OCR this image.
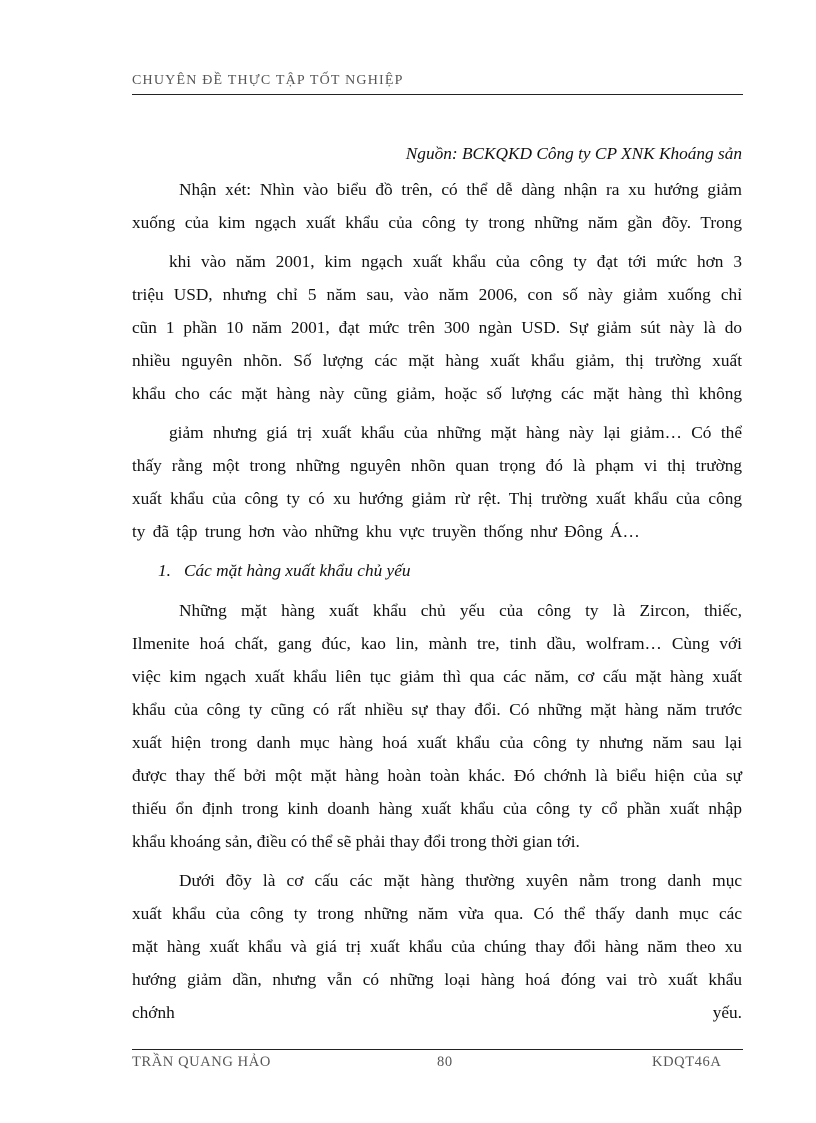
CHUYÊN ĐỀ THỰC TẬP TỐT NGHIỆP
Nguồn: BCKQKD Công ty CP XNK Khoáng sản
Nhận xét: Nhìn vào biểu đồ trên, có thể dễ dàng nhận ra xu hướng giảm
xuống của kim ngạch xuất khẩu của công ty trong những năm gần đõy. Trong
khi vào năm 2001, kim ngạch xuất khẩu của công ty đạt tới mức hơn 3
triệu USD, nhưng chỉ 5 năm sau, vào năm 2006, con số này giảm xuống chỉ
cũn 1 phần 10 năm 2001, đạt mức trên 300 ngàn USD. Sự giảm sút này là do
nhiều nguyên nhõn. Số lượng các mặt hàng xuất khẩu giảm, thị trường xuất
khẩu cho các mặt hàng này cũng giảm, hoặc số lượng các mặt hàng thì không
giảm nhưng giá trị xuất khẩu của những mặt hàng này lại giảm… Có thể
thấy rằng một trong những nguyên nhõn quan trọng đó là phạm vi thị trường
xuất khẩu của công ty có xu hướng giảm rừ rệt. Thị trường xuất khẩu của công
ty đã tập trung hơn vào những khu vực truyền thống như Đông Á…
1. Các mặt hàng xuất khẩu chủ yếu
Những mặt hàng xuất khẩu chủ yếu của công ty là Zircon, thiếc,
Ilmenite hoá chất, gang đúc, kao lin, mành tre, tinh dầu, wolfram… Cùng với
việc kim ngạch xuất khẩu liên tục giảm thì qua các năm, cơ cấu mặt hàng xuất
khẩu của công ty cũng có rất nhiều sự thay đổi. Có những mặt hàng năm trước
xuất hiện trong danh mục hàng hoá xuất khẩu của công ty nhưng năm sau lại
được thay thế bởi một mặt hàng hoàn toàn khác. Đó chớnh là biểu hiện của sự
thiếu ổn định trong kinh doanh hàng xuất khẩu của công ty cổ phần xuất nhập
khẩu khoáng sản, điều có thể sẽ phải thay đổi trong thời gian tới.
Dưới đõy là cơ cấu các mặt hàng thường xuyên nằm trong danh mục
xuất khẩu của công ty trong những năm vừa qua. Có thể thấy danh mục các
mặt hàng xuất khẩu và giá trị xuất khẩu của chúng thay đổi hàng năm theo xu
hướng giảm dần, nhưng vẫn có những loại hàng hoá đóng vai trò xuất khẩu
chớnh yếu.
TRẦN QUANG HẢO	80	KDQT46A
